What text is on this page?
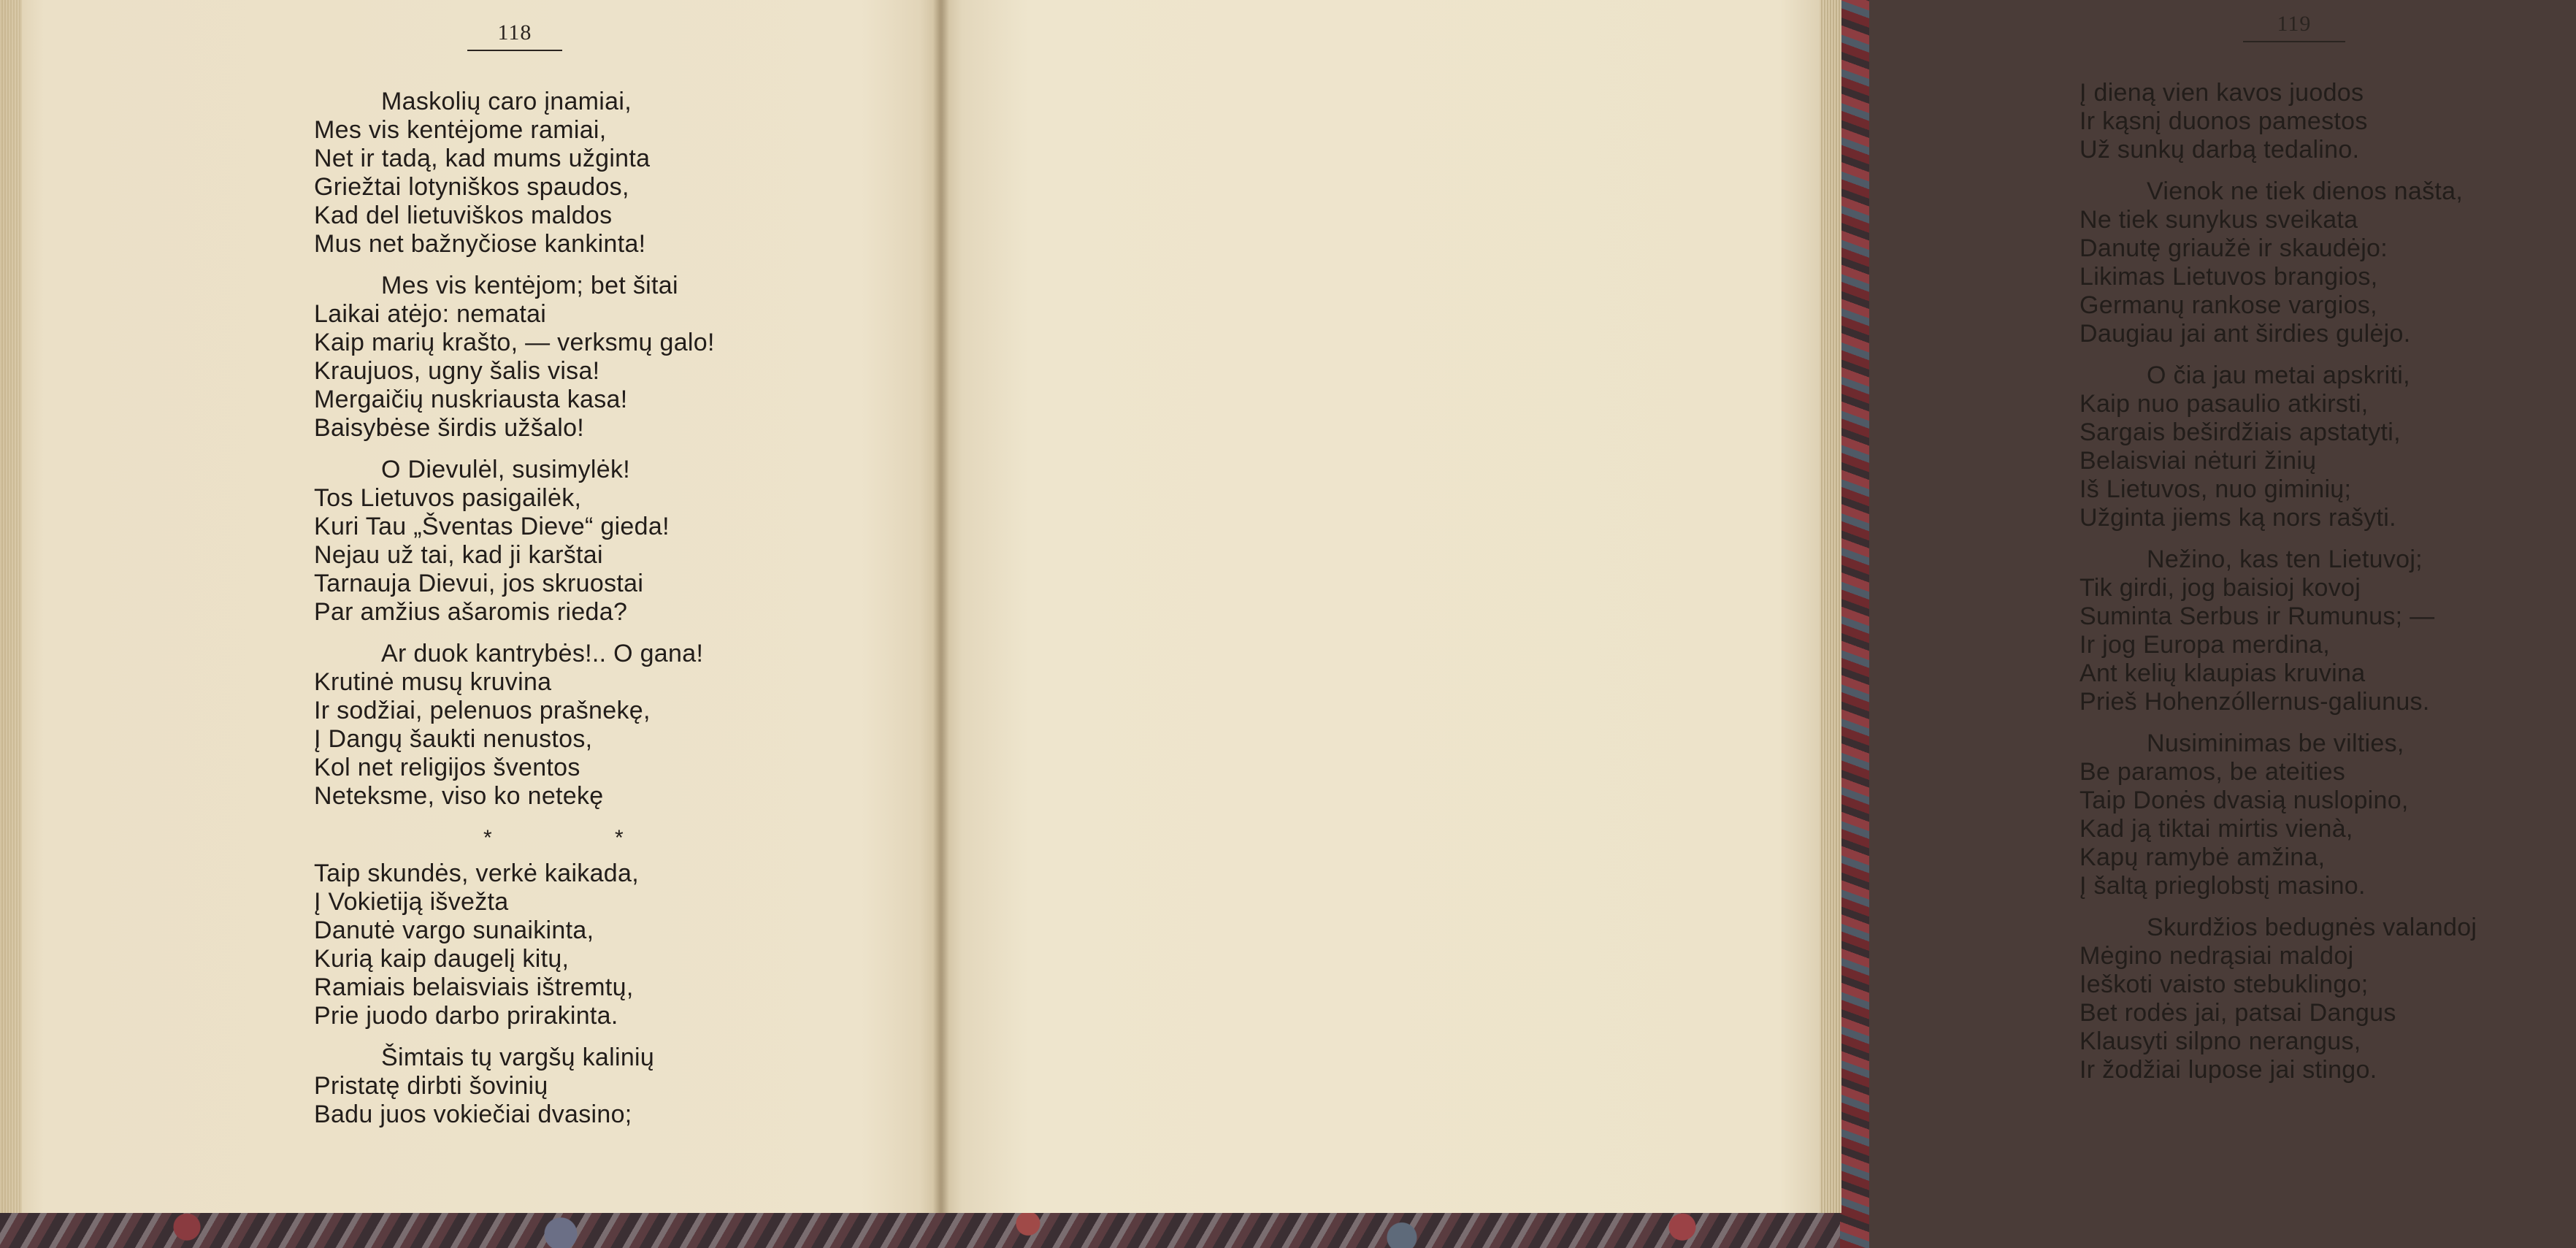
118
Maskolių caro įnamiai,
Mes vis kentėjome ramiai,
Net ir tadą, kad mums užginta
Griežtai lotyniškos spaudos,
Kad del lietuviškos maldos
Mus net bažnyčiose kankinta!
Mes vis kentėjom; bet šitai
Laikai atėjo: nematai
Kaip marių krašto, — verksmų galo!
Kraujuos, ugny šalis visa!
Mergaičių nuskriausta kasa!
Baisybėse širdis užšalo!
O Dievulėl, susimylėk!
Tos Lietuvos pasigailėk,
Kuri Tau „Šventas Dieve“ gieda!
Nejau už tai, kad ji karštai
Tarnauja Dievui, jos skruostai
Par amžius ašaromis rieda?
Ar duok kantrybės!.. O gana!
Krutinė musų kruvina
Ir sodžiai, pelenuos prašnekę,
Į Dangų šaukti nenustos,
Kol net religijos šventos
Neteksme, viso ko netekę
* *
Taip skundės, verkė kaikada,
Į Vokietiją išvežta
Danutė vargo sunaikinta,
Kurią kaip daugelį kitų,
Ramiais belaisviais ištremtų,
Prie juodo darbo prirakinta.
Šimtais tų vargšų kalinių
Pristatę dirbti šovinių
Badu juos vokiečiai dvasino;
119
Į dieną vien kavos juodos
Ir kąsnį duonos pamestos
Už sunkų darbą tedalino.
Vienok ne tiek dienos našta,
Ne tiek sunykus sveikata
Danutę griaužė ir skaudėjo:
Likimas Lietuvos brangios,
Germanų rankose vargios,
Daugiau jai ant širdies gulėjo.
O čia jau metai apskriti,
Kaip nuo pasaulio atkirsti,
Sargais beširdžiais apstatyti,
Belaisviai nėturi žinių
Iš Lietuvos, nuo giminių;
Užginta jiems ką nors rašyti.
Nežino, kas ten Lietuvoj;
Tik girdi, jog baisioj kovoj
Suminta Serbus ir Rumunus; —
Ir jog Europa merdina,
Ant kelių klaupias kruvina
Prieš Hohenzóllernus-galiunus.
Nusiminimas be vilties,
Be paramos, be ateities
Taip Donės dvasią nuslopino,
Kad ją tiktai mirtis vienà,
Kapų ramybė amžina,
Į šaltą prieglobstį masino.
Skurdžios bedugnės valandoj
Mėgino nedrąsiai maldoj
Ieškoti vaisto stebuklingo;
Bet rodės jai, patsai Dangus
Klausyti silpno nerangus,
Ir žodžiai lupose jai stingo.
